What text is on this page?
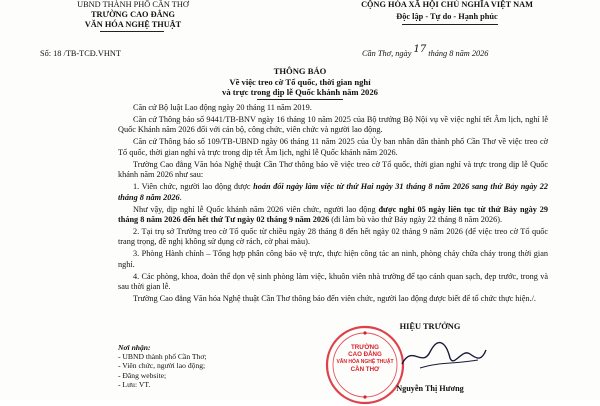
UBND THÀNH PHỐ CẦN THƠ
TRƯỜNG CAO ĐẲNG
VĂN HÓA NGHỆ THUẬT
Số: 18 /TB-TCĐ.VHNT
CỘNG HÒA XÃ HỘI CHỦ NGHĨA VIỆT NAM
Độc lập - Tự do - Hạnh phúc
Cần Thơ, ngày 17 tháng 8 năm 2026
THÔNG BÁO
Về việc treo cờ Tổ quốc, thời gian nghỉ
và trực trong dịp lễ Quốc khánh năm 2026

Căn cứ Bộ luật Lao động ngày 20 tháng 11 năm 2019.

Căn cứ Thông báo số 9441/TB-BNV ngày 16 tháng 10 năm 2025 của Bộ trưởng Bộ Nội vụ về việc nghỉ tết Âm lịch, nghỉ lễ Quốc Khánh năm 2026 đối với cán bộ, công chức, viên chức và người lao động.

Căn cứ Thông báo số 109/TB-UBND ngày 06 tháng 11 năm 2025 của Ủy ban nhân dân thành phố Cần Thơ về việc treo cờ Tổ quốc, thời gian nghỉ và trực trong dịp tết Âm lịch, nghỉ lễ Quốc khánh năm 2026.

Trường Cao đẳng Văn hóa Nghệ thuật Cần Thơ thông báo về việc treo cờ Tổ quốc, thời gian nghỉ và trực trong dịp lễ Quốc khánh năm 2026 như sau:

1. Viên chức, người lao động được hoán đổi ngày làm việc từ thứ Hai ngày 31 tháng 8 năm 2026 sang thứ Bảy ngày 22 tháng 8 năm 2026.

Như vậy, dịp nghỉ lễ Quốc khánh năm 2026 viên chức, người lao động được nghỉ 05 ngày liên tục từ thứ Bảy ngày 29 tháng 8 năm 2026 đến hết thứ Tư ngày 02 tháng 9 năm 2026 (đi làm bù vào thứ Bảy ngày 22 tháng 8 năm 2026).

2. Tại trụ sở Trường treo cờ Tổ quốc từ chiều ngày 28 tháng 8 đến hết ngày 02 tháng 9 năm 2026 (để việc treo cờ Tổ quốc trang trọng, đề nghị không sử dụng cờ rách, cờ phai màu).

3. Phòng Hành chính – Tổng hợp phân công bảo vệ trực, thực hiện công tác an ninh, phòng cháy chữa cháy trong thời gian nghỉ.

4. Các phòng, khoa, đoàn thể dọn vệ sinh phòng làm việc, khuôn viên nhà trường để tạo cảnh quan sạch, đẹp trước, trong và sau thời gian lễ.

Trường Cao đẳng Văn hóa Nghệ thuật Cần Thơ thông báo đến viên chức, người lao động được biết để tổ chức thực hiện./.

Nơi nhận:
- UBND thành phố Cần Thơ;
- Viên chức, người lao động;
- Đăng website;
- Lưu: VT.
HIỆU TRƯỞNG
TRƯỜNG
CAO ĐẲNG
VĂN HÓA NGHỆ THUẬT
CẦN THƠ
Nguyễn Thị Hương
